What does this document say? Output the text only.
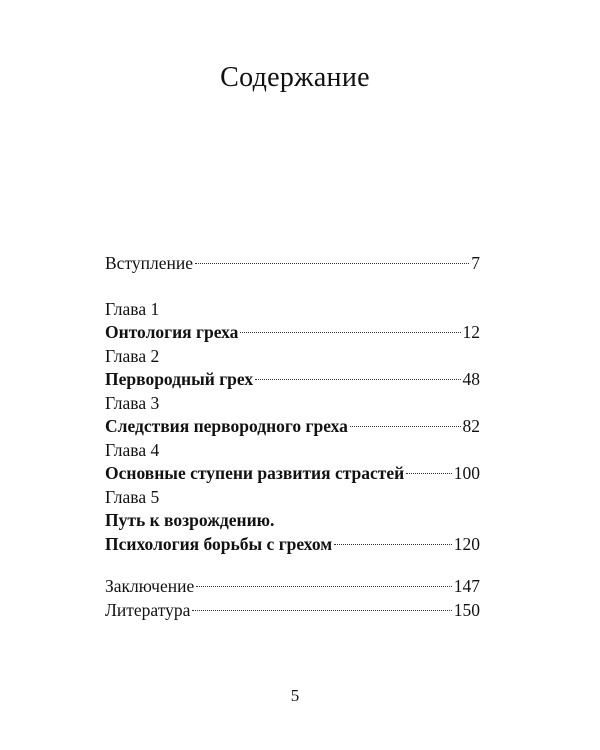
Содержание
Вступление	7
Глава 1
Онтология греха	12
Глава 2
Первородный грех	48
Глава 3
Следствия первородного греха	82
Глава 4
Основные ступени развития страстей	100
Глава 5
Путь к возрождению.
Психология борьбы с грехом	120
Заключение	147
Литература	150
5
